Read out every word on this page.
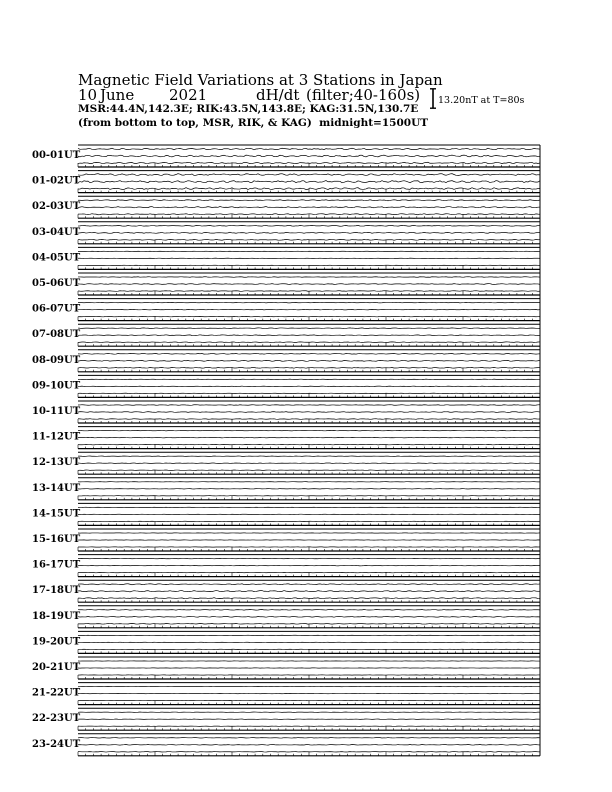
Magnetic Field Variations at 3 Stations in Japan
10 June 2021	dH/dt (filter;40-160s)
MSR:44.4N,142.3E; RIK:43.5N,143.8E; KAG:31.5N,130.7E
(from bottom to top, MSR, RIK, & KAG) midnight=1500UT
13.20nT at T=80s
00-01UT
01-02UT
02-03UT
03-04UT
04-05UT
05-06UT
06-07UT
07-08UT
08-09UT
09-10UT
10-11UT
11-12UT
12-13UT
13-14UT
14-15UT
15-16UT
16-17UT
17-18UT
18-19UT
19-20UT
20-21UT
21-22UT
22-23UT
23-24UT
